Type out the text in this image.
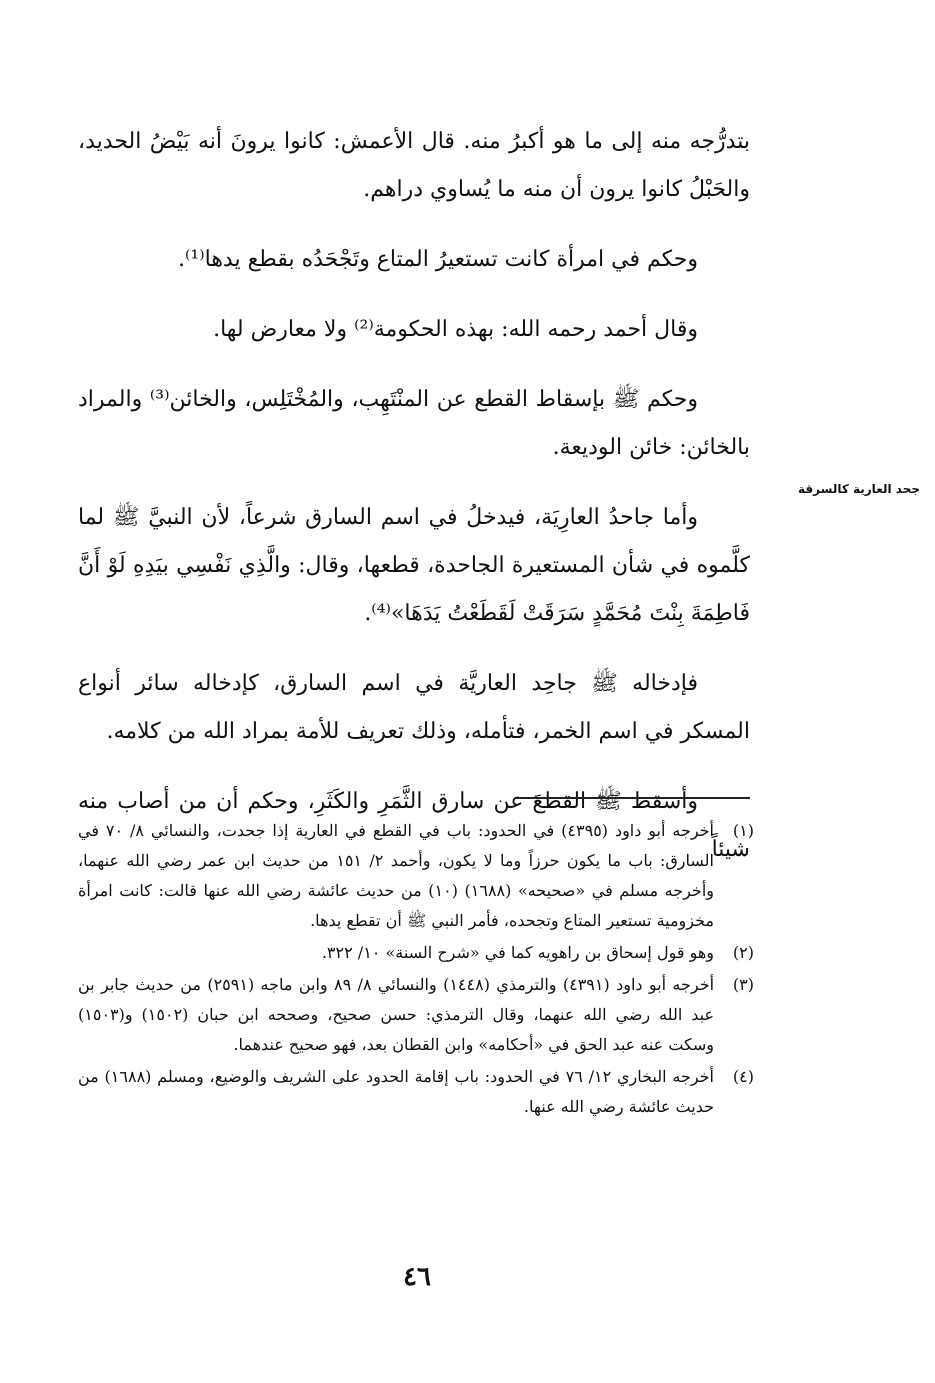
بتدرُّجه منه إلى ما هو أكبرُ منه. قال الأعمش: كانوا يرونَ أنه بَيْضُ الحديد، والحَبْلُ كانوا يرون أن منه ما يُساوي دراهم.

وحكم في امرأة كانت تستعيرُ المتاع وتَجْحَدُه بقطع يدها⁽¹⁾.

وقال أحمد رحمه الله: بهذه الحكومة⁽²⁾ ولا معارض لها.

وحكم ﷺ بإسقاط القطع عن المنْتَهِب، والمُخْتَلِس، والخائن⁽³⁾ والمراد بالخائن: خائن الوديعة.

وأما جاحدُ العارِيَة، فيدخلُ في اسم السارق شرعاً، لأن النبيَّ ﷺ لما كلَّموه في شأن المستعيرة الجاحدة، قطعها، وقال: والَّذِي نَفْسِي بيَدِهِ لَوْ أَنَّ فَاطِمَةَ بِنْتَ مُحَمَّدٍ سَرَقَتْ لَقَطَعْتُ يَدَهَا»⁽⁴⁾.

فإدخاله ﷺ جاحِد العاريَّة في اسم السارق، كإدخاله سائر أنواع المسكر في اسم الخمر، فتأمله، وذلك تعريف للأمة بمراد الله من كلامه.

وأسقط ﷺ القطعَ عن سارق الثَّمَرِ والكَثَرِ، وحكم أن من أصاب منه شيئاً

جحد العارية كالسرقة
(١)
أخرجه أبو داود (٤٣٩٥) في الحدود: باب في القطع في العارية إذا جحدت، والنسائي ٨/ ٧٠ في السارق: باب ما يكون حرزاً وما لا يكون، وأحمد ٢/ ١٥١ من حديث ابن عمر رضي الله عنهما، وأخرجه مسلم في «صحيحه» (١٦٨٨) (١٠) من حديث عائشة رضي الله عنها قالت: كانت امرأة مخزومية تستعير المتاع وتجحده، فأمر النبي ﷺ أن تقطع يدها.
(٢)
وهو قول إسحاق بن راهويه كما في «شرح السنة» ١٠/ ٣٢٢.
(٣)
أخرجه أبو داود (٤٣٩١) والترمذي (١٤٤٨) والنسائي ٨/ ٨٩ وابن ماجه (٢٥٩١) من حديث جابر بن عبد الله رضي الله عنهما، وقال الترمذي: حسن صحيح، وصححه ابن حبان (١٥٠٢) و(١٥٠٣) وسكت عنه عبد الحق في «أحكامه» وابن القطان بعد، فهو صحيح عندهما.
(٤)
أخرجه البخاري ١٢/ ٧٦ في الحدود: باب إقامة الحدود على الشريف والوضيع، ومسلم (١٦٨٨) من حديث عائشة رضي الله عنها.
٤٦
